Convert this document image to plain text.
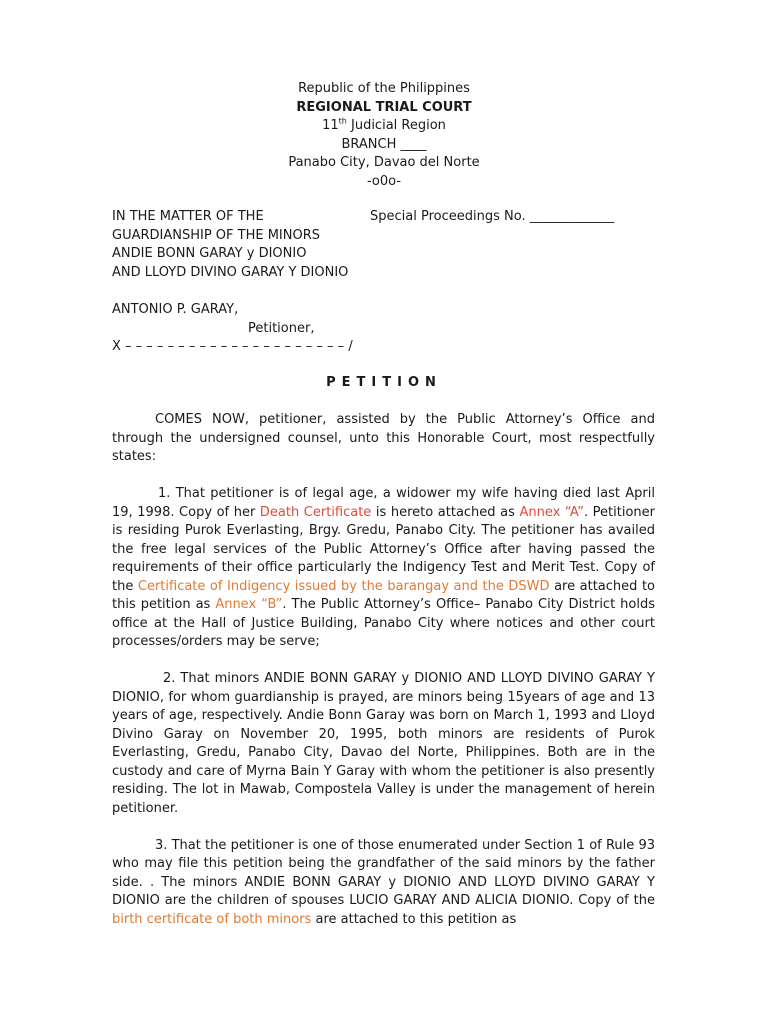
Republic of the Philippines
REGIONAL TRIAL COURT
11th Judicial Region
BRANCH ____
Panabo City, Davao del Norte
-o0o-
IN THE MATTER OF THE
GUARDIANSHIP OF THE MINORS
ANDIE BONN GARAY y DIONIO
AND LLOYD DIVINO GARAY Y DIONIO
Special Proceedings No. _____________
ANTONIO P. GARAY,
Petitioner,
X – – – – – – – – – – – – – – – – – – – – – /
PETITION

COMES NOW, petitioner, assisted by the Public Attorney’s Office and through the undersigned counsel, unto this Honorable Court, most respectfully states:

1. That petitioner is of legal age, a widower my wife having died last April 19, 1998. Copy of her Death Certificate is hereto attached as Annex “A”. Petitioner is residing Purok Everlasting, Brgy. Gredu, Panabo City. The petitioner has availed the free legal services of the Public Attorney’s Office after having passed the requirements of their office particularly the Indigency Test and Merit Test. Copy of the Certificate of Indigency issued by the barangay and the DSWD are attached to this petition as Annex “B”. The Public Attorney’s Office– Panabo City District holds office at the Hall of Justice Building, Panabo City where notices and other court processes/orders may be serve;

2. That minors ANDIE BONN GARAY y DIONIO AND LLOYD DIVINO GARAY Y DIONIO, for whom guardianship is prayed, are minors being 15years of age and 13 years of age, respectively. Andie Bonn Garay was born on March 1, 1993 and Lloyd Divino Garay on November 20, 1995, both minors are residents of Purok Everlasting, Gredu, Panabo City, Davao del Norte, Philippines. Both are in the custody and care of Myrna Bain Y Garay with whom the petitioner is also presently residing. The lot in Mawab, Compostela Valley is under the management of herein petitioner.

3. That the petitioner is one of those enumerated under Section 1 of Rule 93 who may file this petition being the grandfather of the said minors by the father side. . The minors ANDIE BONN GARAY y DIONIO AND LLOYD DIVINO GARAY Y DIONIO are the children of spouses LUCIO GARAY AND ALICIA DIONIO. Copy of the birth certificate of both minors are attached to this petition as
